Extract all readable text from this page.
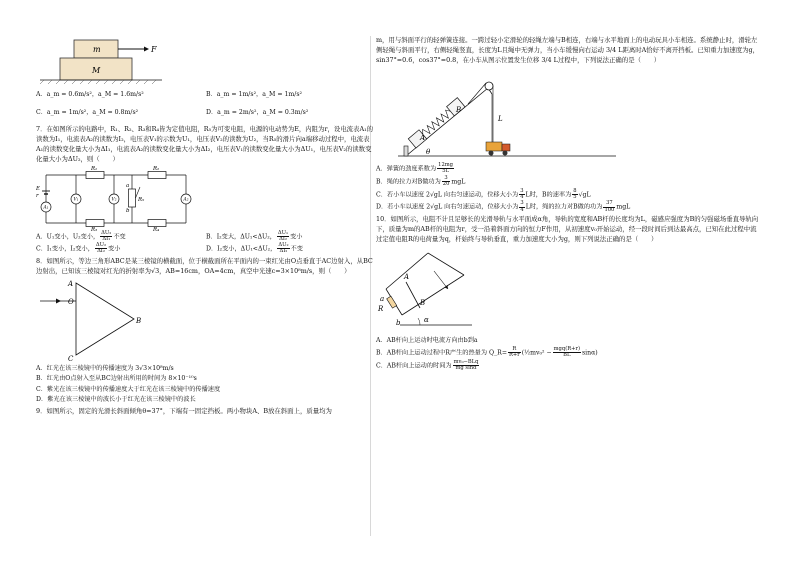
m
M
F
A．a_m = 0.6m/s²，a_M = 1.6m/s²	B．a_m = 1m/s²，a_M = 1m/s²
C．a_m = 1m/s²，a_M = 0.8m/s²	D．a_m = 2m/s²，a_M = 0.3m/s²
7．在如图所示的电路中，R₁、R₂、R₃和R₄皆为定值电阻，R₅为可变电阻，电源的电动势为E，内阻为r，设电流表A₁的读数为I₁，电流表A₂的读数为I₂，电压表V₁的示数为U₁，电压表V₂的读数为U₂，当R₅的滑片向a端移动过程中，电流表A₁的读数变化量大小为ΔI₁，电流表A₂的读数变化量大小为ΔI₂，电压表V₁的读数变化量大小为ΔU₁，电压表V₂的读数变化量大小为ΔU₂，则（　　）
R₁	R₂
R₃	R₄
R₅
E
r
a
b
A₁
V₁	V₂	A₂
A．U₁变小，U₂变小， $\frac{\text{ΔU₂}}{\text{ΔI₁}}$ 不变	B．I₂变大，ΔU₁<ΔU₂， $\frac{\text{ΔU₁}}{\text{ΔI₂}}$ 变小
C．I₁变小，I₂变小， $\frac{\text{ΔU₂}}{\text{ΔI₂}}$ 变小	D．I₂变小，ΔU₁<ΔU₂， $\frac{\text{ΔU₂}}{\text{ΔI₂}}$ 不变
8．如图所示，等边三角形ABC是某三棱镜的横截面，位于横截面所在平面内的一束红光由O点垂直于AC边射入，从BC边射出，已知该三棱镜对红光的折射率为√3，AB=16cm，OA=4cm，真空中光速c=3×10⁸m/s，则（　　）
A
B
C
O
A．红光在该三棱镜中的传播速度为 3√3×10⁸m/s
B．红光由O点射入至从BC边射出所用的时间为 8×10⁻¹⁰s
C．紫光在该三棱镜中的传播速度大于红光在该三棱镜中的传播速度
D．紫光在该三棱镜中的波长小于红光在该三棱镜中的波长
9．如图所示，固定的光滑长斜面倾角θ=37°，下端有一固定挡板。两小物块A、B放在斜面上，质量均为
m，用与斜面平行的轻弹簧连接。一跨过轻小定滑轮的轻绳左端与B相连，右端与水平地面上的电动玩具小车相连。系统静止时，滑轮左侧轻绳与斜面平行，右侧轻绳竖直，长度为L且绳中无弹力，当小车缓慢向右运动 3/4 L距离时A恰好不离开挡板。已知重力加速度为g，sin37°=0.6，cos37°=0.8，在小车从图示位置发生位移 3/4 L过程中，下列说法正确的是（　　）
A
B
L
θ
A．弹簧的劲度系数为 $\frac{12mg}{5L}$
B．绳的拉力对B做功为 $\frac{3}{20}$ mgL
C．若小车以速度 2√gL 向右匀速运动，位移大小为 $\frac{3}{4}$ L时，B的速率为 $\frac{8}{5} √gL$
D．若小车以速度 2√gL 向右匀速运动，位移大小为 $\frac{3}{4}$ L时，绳的拉力对B做的功为 $\frac{37}{100}$ mgL
10．如图所示，电阻不计且足够长的光滑导轨与水平面成α角，导轨的宽度和AB杆的长度均为L，磁感应强度为B的匀强磁场垂直导轨向下，质量为m的AB杆的电阻为r，受一沿着斜面方向的恒力F作用，从初速度v₀开始运动，经一段时间后到达最高点，已知在此过程中流过定值电阻R的电荷量为q，杆始终与导轨垂直，重力加速度大小为g，则下列说法正确的是（　　）
A
B
a
R
b	α
A．AB杆向上运动时电流方向由b到a
B．AB杆向上运动过程中R产生的热量为 Q_R= $\frac{R}{R+r}$ (½mv₀² − $\frac{\text{mgq(R+r)}}{BL} \sin\alpha$)
C．AB杆向上运动的时间为 $\frac{\text{mv₀−BLq}}{\text{mg sinα}}$
